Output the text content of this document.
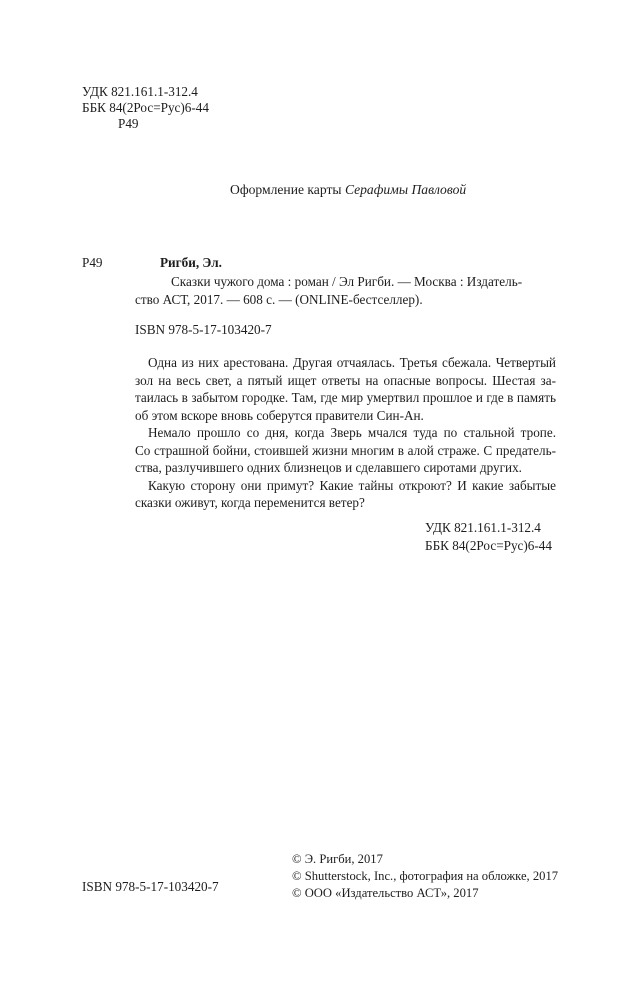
УДК 821.161.1-312.4
ББК 84(2Рос=Рус)6-44
Р49
Оформление карты Серафимы Павловой
Р49	Ригби, Эл.
Сказки чужого дома : роман / Эл Ригби. — Москва : Издатель-
ство АСТ, 2017. — 608 с. — (ONLINE-бестселлер).
ISBN 978-5-17-103420-7
Одна из них арестована. Другая отчаялась. Третья сбежала. Четвертый
зол на весь свет, а пятый ищет ответы на опасные вопросы. Шестая за-
таилась в забытом городке. Там, где мир умертвил прошлое и где в память
об этом вскоре вновь соберутся правители Син-Ан.
Немало прошло со дня, когда Зверь мчался туда по стальной тропе.
Со страшной бойни, стоившей жизни многим в алой страже. С предатель-
ства, разлучившего одних близнецов и сделавшего сиротами других.
Какую сторону они примут? Какие тайны откроют? И какие забытые
сказки оживут, когда переменится ветер?
УДК 821.161.1-312.4
ББК 84(2Рос=Рус)6-44
ISBN 978-5-17-103420-7
© Э. Ригби, 2017
© Shutterstock, Inc., фотография на обложке, 2017
© ООО «Издательство АСТ», 2017
